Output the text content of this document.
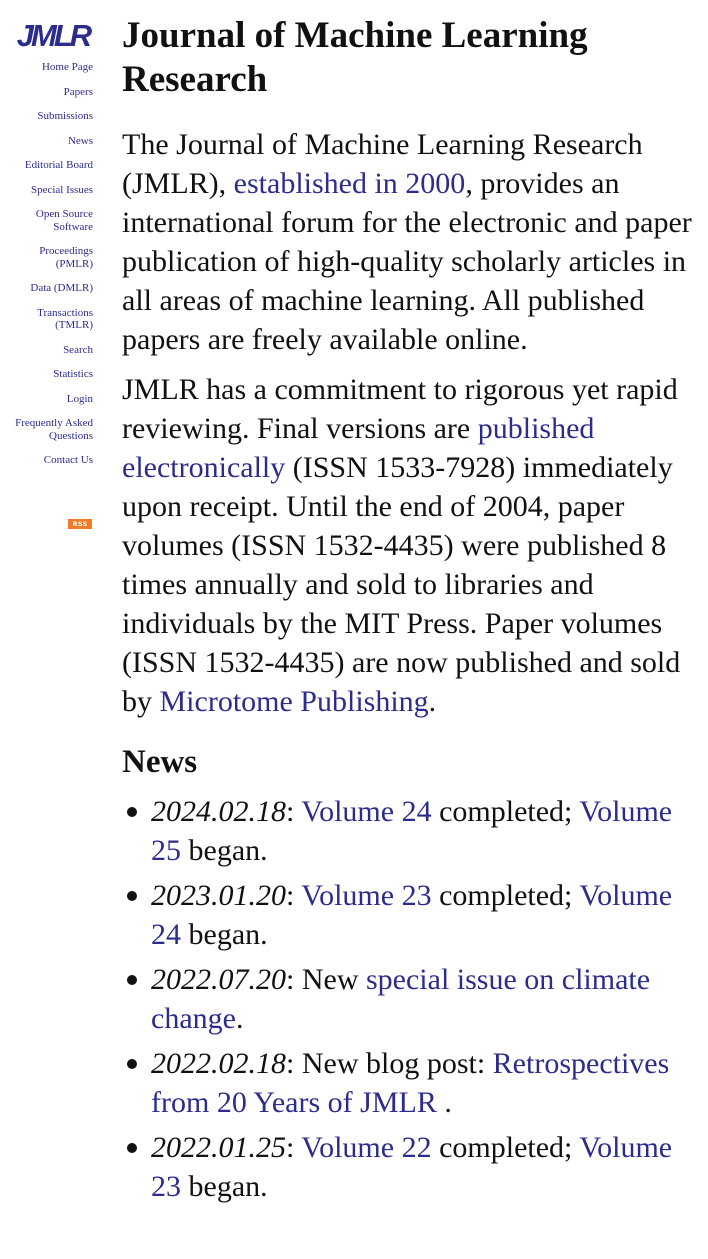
JMLR
Home Page
Papers
Submissions
News
Editorial Board
Special Issues
Open Source Software
Proceedings (PMLR)
Data (DMLR)
Transactions (TMLR)
Search
Statistics
Login
Frequently Asked Questions
Contact Us
RSS
Journal of Machine Learning Research

The Journal of Machine Learning Research (JMLR), established in 2000, provides an international forum for the electronic and paper publication of high-quality scholarly articles in all areas of machine learning. All published papers are freely available online.

JMLR has a commitment to rigorous yet rapid reviewing. Final versions are published electronically (ISSN 1533-7928) immediately upon receipt. Until the end of 2004, paper volumes (ISSN 1532-4435) were published 8 times annually and sold to libraries and individuals by the MIT Press. Paper volumes (ISSN 1532-4435) are now published and sold by Microtome Publishing.

News
2024.02.18: Volume 24 completed; Volume 25 began.
2023.01.20: Volume 23 completed; Volume 24 began.
2022.07.20: New special issue on climate change.
2022.02.18: New blog post: Retrospectives from 20 Years of JMLR .
2022.01.25: Volume 22 completed; Volume 23 began.
